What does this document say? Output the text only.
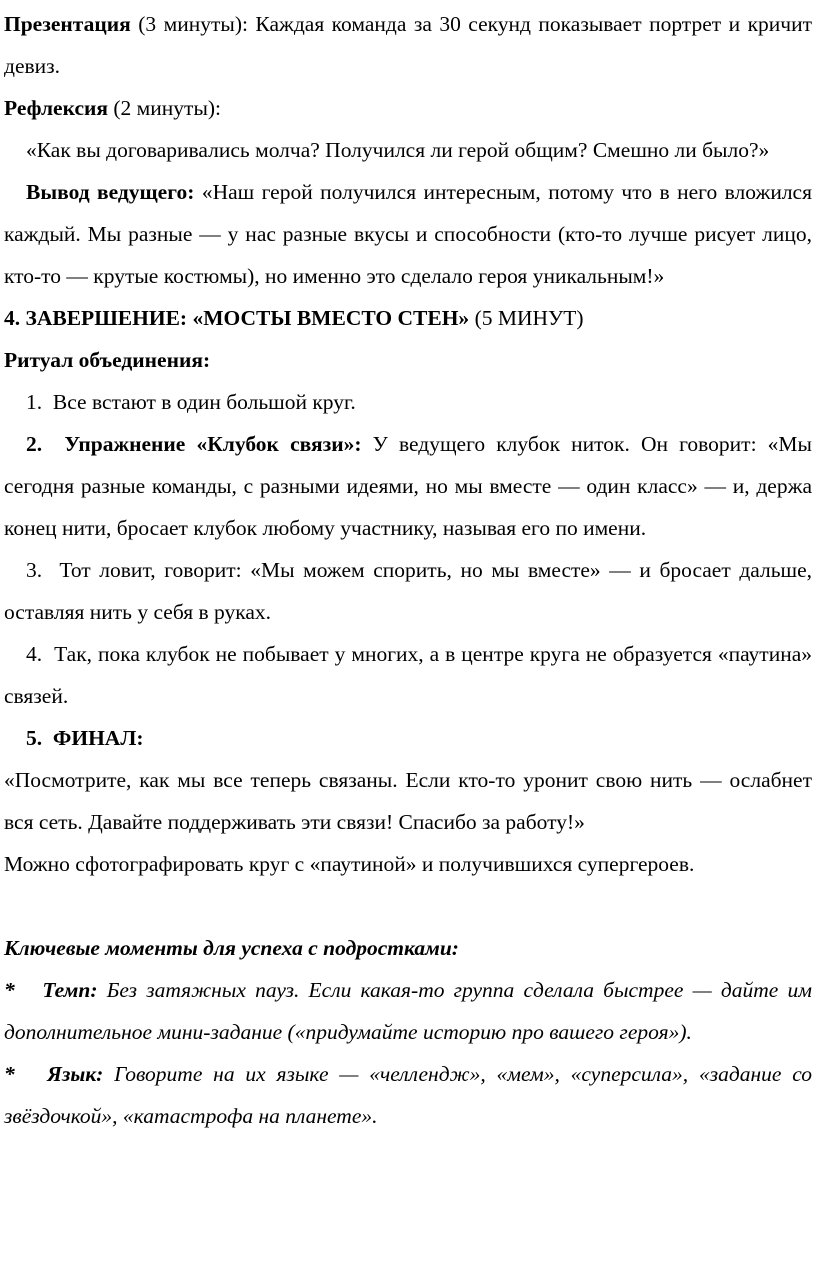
Презентация (3 минуты): Каждая команда за 30 секунд показывает портрет и кричит девиз.

Рефлексия (2 минуты):

«Как вы договаривались молча? Получился ли герой общим? Смешно ли было?»

Вывод ведущего: «Наш герой получился интересным, потому что в него вложился каждый. Мы разные — у нас разные вкусы и способности (кто-то лучше рисует лицо, кто-то — крутые костюмы), но именно это сделало героя уникальным!»

4. ЗАВЕРШЕНИЕ: «МОСТЫ ВМЕСТО СТЕН» (5 МИНУТ)

Ритуал объединения:

1. Все встают в один большой круг.

2. Упражнение «Клубок связи»: У ведущего клубок ниток. Он говорит: «Мы сегодня разные команды, с разными идеями, но мы вместе — один класс» — и, держа конец нити, бросает клубок любому участнику, называя его по имени.

3. Тот ловит, говорит: «Мы можем спорить, но мы вместе» — и бросает дальше, оставляя нить у себя в руках.

4. Так, пока клубок не побывает у многих, а в центре круга не образуется «паутина» связей.

5. ФИНАЛ:

«Посмотрите, как мы все теперь связаны. Если кто-то уронит свою нить — ослабнет вся сеть. Давайте поддерживать эти связи! Спасибо за работу!»

Можно сфотографировать круг с «паутиной» и получившихся супергероев.

Ключевые моменты для успеха с подростками:

* Темп: Без затяжных пауз. Если какая-то группа сделала быстрее — дайте им дополнительное мини-задание («придумайте историю про вашего героя»).

* Язык: Говорите на их языке — «челлендж», «мем», «суперсила», «задание со звёздочкой», «катастрофа на планете».
